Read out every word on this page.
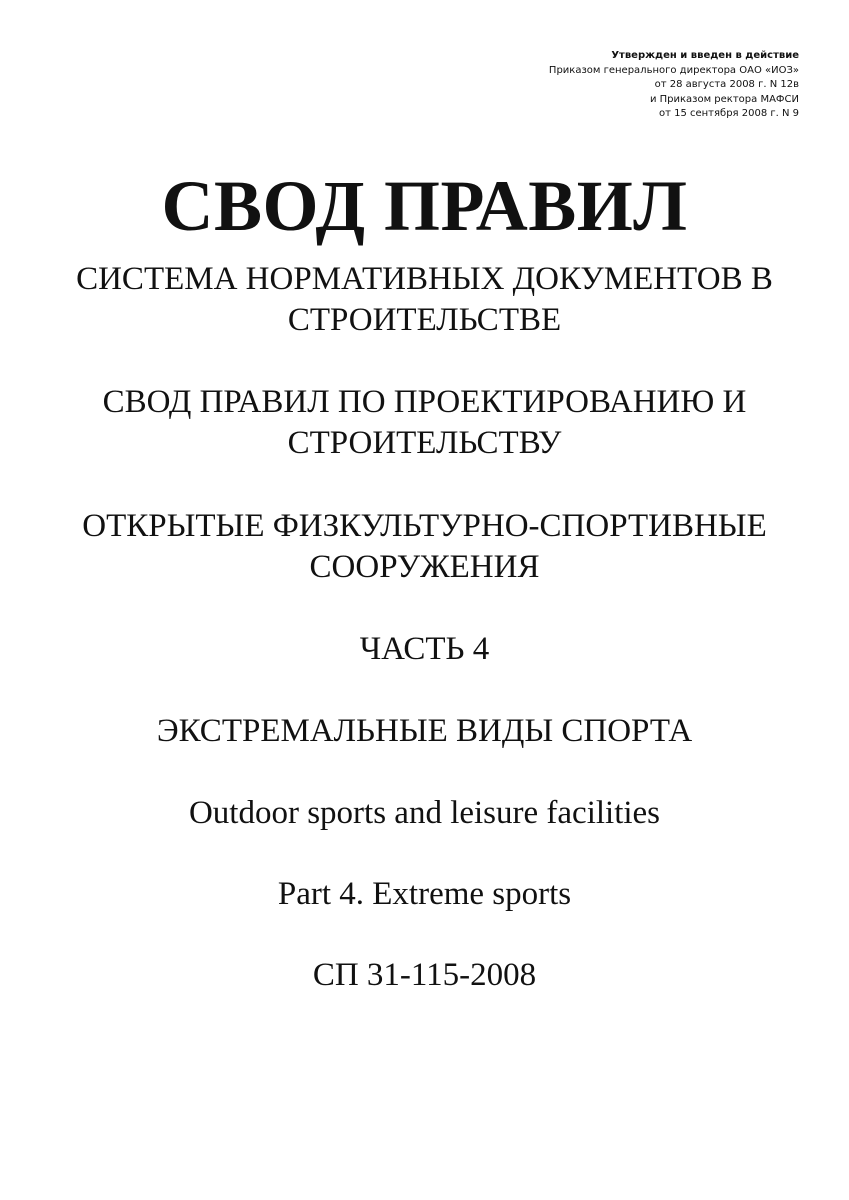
Утвержден и введен в действие
Приказом генерального директора ОАО «ИОЗ»
от 28 августа 2008 г. N 12в
и Приказом ректора МАФСИ
от 15 сентября 2008 г. N 9
СВОД ПРАВИЛ
СИСТЕМА НОРМАТИВНЫХ ДОКУМЕНТОВ В
СТРОИТЕЛЬСТВЕ
СВОД ПРАВИЛ ПО ПРОЕКТИРОВАНИЮ И
СТРОИТЕЛЬСТВУ
ОТКРЫТЫЕ ФИЗКУЛЬТУРНО-СПОРТИВНЫЕ
СООРУЖЕНИЯ
ЧАСТЬ 4
ЭКСТРЕМАЛЬНЫЕ ВИДЫ СПОРТА
Outdoor sports and leisure facilities
Part 4. Extreme sports
СП 31-115-2008
